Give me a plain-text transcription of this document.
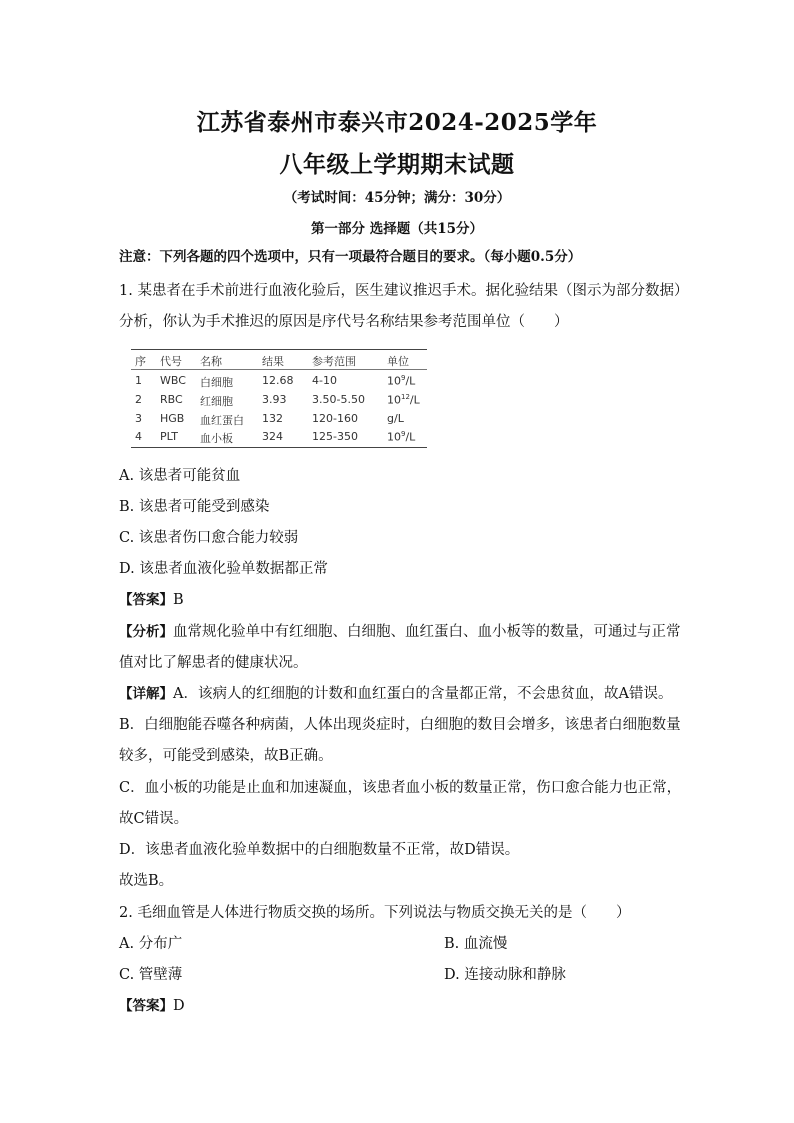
江苏省泰州市泰兴市2024-2025学年
八年级上学期期末试题
（考试时间：45分钟；满分：30分）
第一部分 选择题（共15分）
注意：下列各题的四个选项中，只有一项最符合题目的要求。（每小题0.5分）
1. 某患者在手术前进行血液化验后，医生建议推迟手术。据化验结果（图示为部分数据）
分析，你认为手术推迟的原因是序代号名称结果参考范围单位（　　）
序 代号 名称	结果	参考范围	单位
1 WBC 白细胞	12.68 4-10	$10^9/L$
2 RBC 红细胞	3.93 3.50-5.50 $10^{12}/L$
3 HGB 血红蛋白 132	120-160	g/L
4 PLT 血小板	324	125-350	$10^9/L$
A. 该患者可能贫血
B. 该患者可能受到感染
C. 该患者伤口愈合能力较弱
D. 该患者血液化验单数据都正常
【答案】B
【分析】血常规化验单中有红细胞、白细胞、血红蛋白、血小板等的数量，可通过与正常
值对比了解患者的健康状况。
【详解】A．该病人的红细胞的计数和血红蛋白的含量都正常，不会患贫血，故A错误。
B．白细胞能吞噬各种病菌，人体出现炎症时，白细胞的数目会增多，该患者白细胞数量
较多，可能受到感染，故B正确。
C．血小板的功能是止血和加速凝血，该患者血小板的数量正常，伤口愈合能力也正常，
故C错误。
D．该患者血液化验单数据中的白细胞数量不正常，故D错误。
故选B。
2. 毛细血管是人体进行物质交换的场所。下列说法与物质交换无关的是（　　）
A. 分布广	B. 血流慢
C. 管壁薄	D. 连接动脉和静脉
【答案】D
